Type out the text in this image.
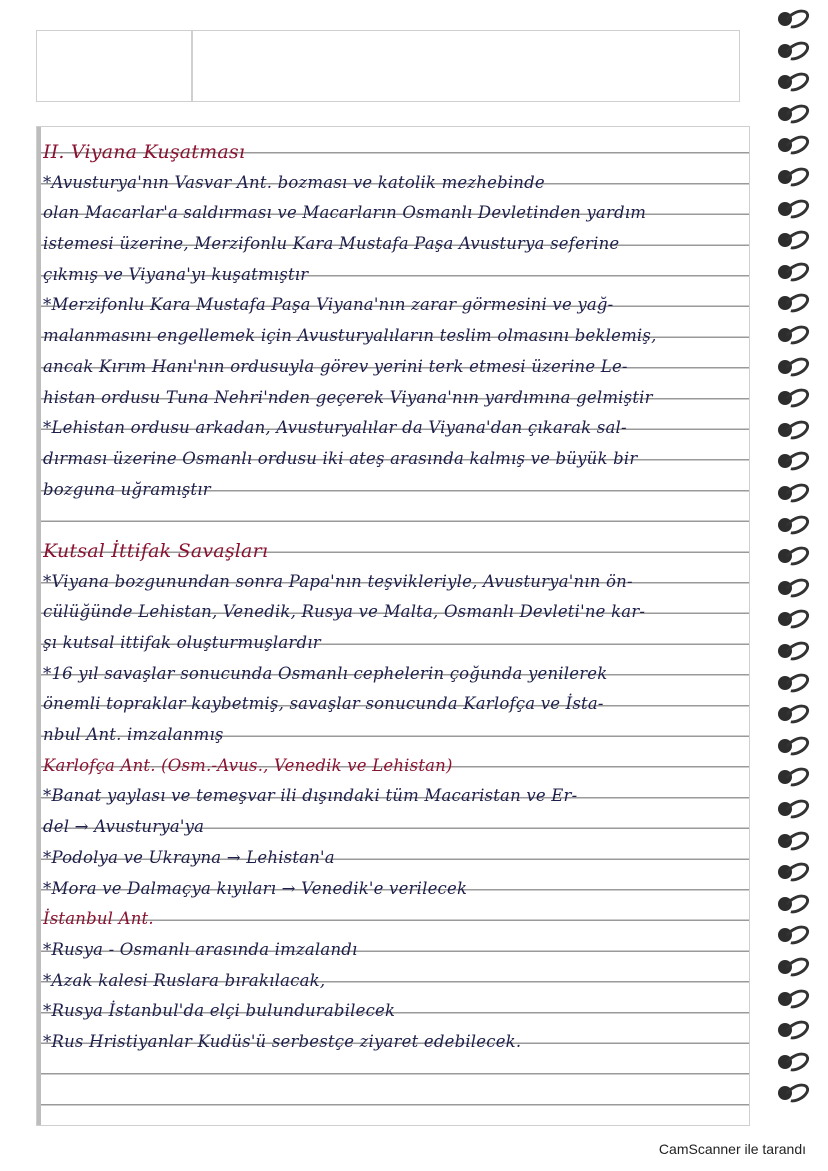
II. Viyana Kuşatması
*Avusturya'nın Vasvar Ant. bozması ve katolik mezhebinde
olan Macarlar'a saldırması ve Macarların Osmanlı Devletinden yardım
istemesi üzerine, Merzifonlu Kara Mustafa Paşa Avusturya seferine
çıkmış ve Viyana'yı kuşatmıştır
*Merzifonlu Kara Mustafa Paşa Viyana'nın zarar görmesini ve yağ-
malanmasını engellemek için Avusturyalıların teslim olmasını beklemiş,
ancak Kırım Hanı'nın ordusuyla görev yerini terk etmesi üzerine Le-
histan ordusu Tuna Nehri'nden geçerek Viyana'nın yardımına gelmiştir
*Lehistan ordusu arkadan, Avusturyalılar da Viyana'dan çıkarak sal-
dırması üzerine Osmanlı ordusu iki ateş arasında kalmış ve büyük bir
bozguna uğramıştır
Kutsal İttifak Savaşları
*Viyana bozgunundan sonra Papa'nın teşvikleriyle, Avusturya'nın ön-
cülüğünde Lehistan, Venedik, Rusya ve Malta, Osmanlı Devleti'ne kar-
şı kutsal ittifak oluşturmuşlardır
*16 yıl savaşlar sonucunda Osmanlı cephelerin çoğunda yenilerek
önemli topraklar kaybetmiş, savaşlar sonucunda Karlofça ve İsta-
nbul Ant. imzalanmış
Karlofça Ant. (Osm.-Avus., Venedik ve Lehistan)
*Banat yaylası ve temeşvar ili dışındaki tüm Macaristan ve Er-
del → Avusturya'ya
*Podolya ve Ukrayna → Lehistan'a
*Mora ve Dalmaçya kıyıları → Venedik'e verilecek
İstanbul Ant.
*Rusya - Osmanlı arasında imzalandı
*Azak kalesi Ruslara bırakılacak,
*Rusya İstanbul'da elçi bulundurabilecek
*Rus Hristiyanlar Kudüs'ü serbestçe ziyaret edebilecek.
CamScanner ile tarandı
